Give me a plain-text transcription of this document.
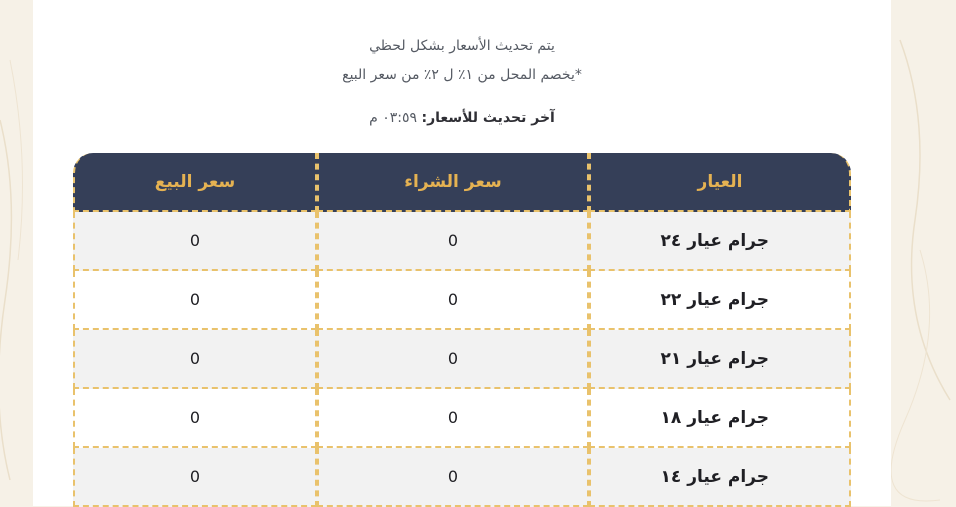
يتم تحديث الأسعار بشكل لحظي
*يخصم المحل من ١٪ ل ٢٪ من سعر البيع
آخر تحديث للأسعار: ٠٣:٥٩ م
العيار	سعر الشراء	سعر البيع
جرام عيار ٢٤	0	0
جرام عيار ٢٢	0	0
جرام عيار ٢١	0	0
جرام عيار ١٨	0	0
جرام عيار ١٤	0	0
